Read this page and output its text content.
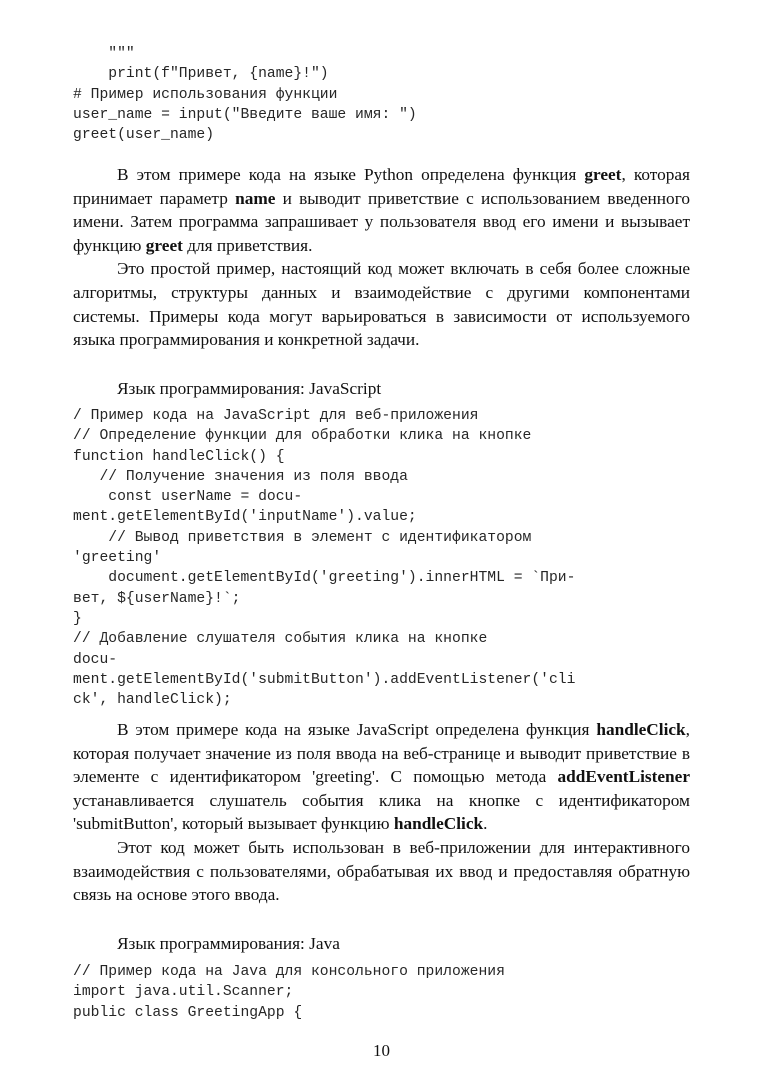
"""
print(f"Привет, {name}!")
# Пример использования функции
user_name = input("Введите ваше имя: ")
greet(user_name)

В этом примере кода на языке Python определена функция greet, которая принимает параметр name и выводит приветствие с использованием введенного имени. Затем программа запрашивает у пользователя ввод его имени и вызывает функцию greet для приветствия.

Это простой пример, настоящий код может включать в себя более сложные алгоритмы, структуры данных и взаимодействие с другими компонентами системы. Примеры кода могут варьироваться в зависимости от используемого языка программирования и конкретной задачи.

Язык программирования: JavaScript
/ Пример кода на JavaScript для веб-приложения
// Определение функции для обработки клика на кнопке
function handleClick() {
// Получение значения из поля ввода
const userName = docu-
ment.getElementById('inputName').value;
// Вывод приветствия в элемент с идентификатором
'greeting'
document.getElementById('greeting').innerHTML = `При-
вет, ${userName}!`;
}
// Добавление слушателя события клика на кнопке
docu-
ment.getElementById('submitButton').addEventListener('cli
ck', handleClick);

В этом примере кода на языке JavaScript определена функция handleClick, которая получает значение из поля ввода на веб-странице и выводит приветствие в элементе с идентификатором 'greeting'. С помощью метода addEventListener устанавливается слушатель события клика на кнопке с идентификатором 'submitButton', который вызывает функцию handleClick.

Этот код может быть использован в веб-приложении для интерактивного взаимодействия с пользователями, обрабатывая их ввод и предоставляя обратную связь на основе этого ввода.

Язык программирования: Java
// Пример кода на Java для консольного приложения
import java.util.Scanner;
public class GreetingApp {
10
